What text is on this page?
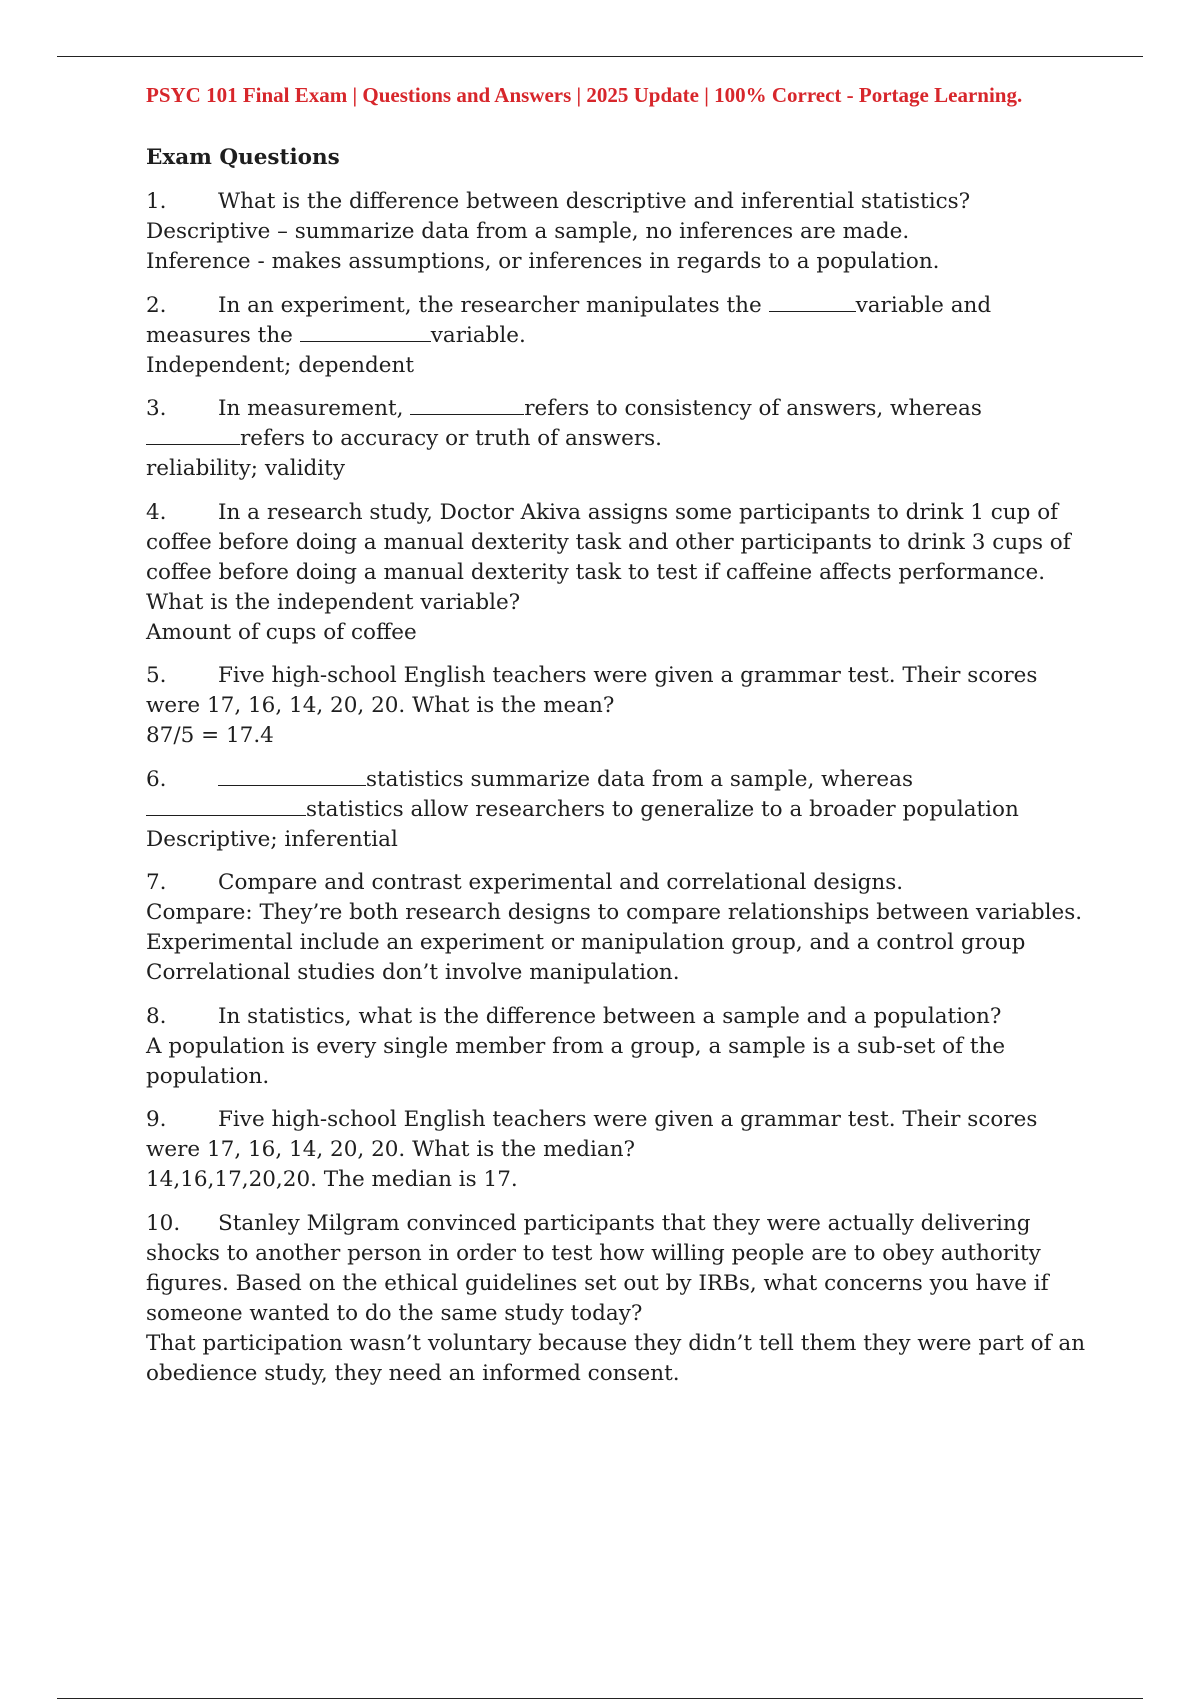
PSYC 101 Final Exam | Questions and Answers | 2025 Update | 100% Correct - Portage Learning.

Exam Questions

1. What is the difference between descriptive and inferential statistics?

Descriptive – summarize data from a sample, no inferences are made.

Inference - makes assumptions, or inferences in regards to a population.

2. In an experiment, the researcher manipulates the	variable and
measures the	variable.

Independent; dependent

3. In measurement,	refers to consistency of answers, whereas
refers to accuracy or truth of answers.

reliability; validity

4. In a research study, Doctor Akiva assigns some participants to drink 1 cup of coffee before doing a manual dexterity task and other participants to drink 3 cups of coffee before doing a manual dexterity task to test if caffeine affects performance. What is the independent variable?

Amount of cups of coffee

5. Five high-school English teachers were given a grammar test. Their scores were 17, 16, 14, 20, 20. What is the mean?

87/5 = 17.4

6.	statistics summarize data from a sample, whereas
statistics allow researchers to generalize to a broader population

Descriptive; inferential

7. Compare and contrast experimental and correlational designs.

Compare: They’re both research designs to compare relationships between variables.

Experimental include an experiment or manipulation group, and a control group

Correlational studies don’t involve manipulation.

8. In statistics, what is the difference between a sample and a population?

A population is every single member from a group, a sample is a sub-set of the population.

9. Five high-school English teachers were given a grammar test. Their scores were 17, 16, 14, 20, 20. What is the median?

14,16,17,20,20. The median is 17.

10. Stanley Milgram convinced participants that they were actually delivering shocks to another person in order to test how willing people are to obey authority figures. Based on the ethical guidelines set out by IRBs, what concerns you have if someone wanted to do the same study today?

That participation wasn’t voluntary because they didn’t tell them they were part of an obedience study, they need an informed consent.
